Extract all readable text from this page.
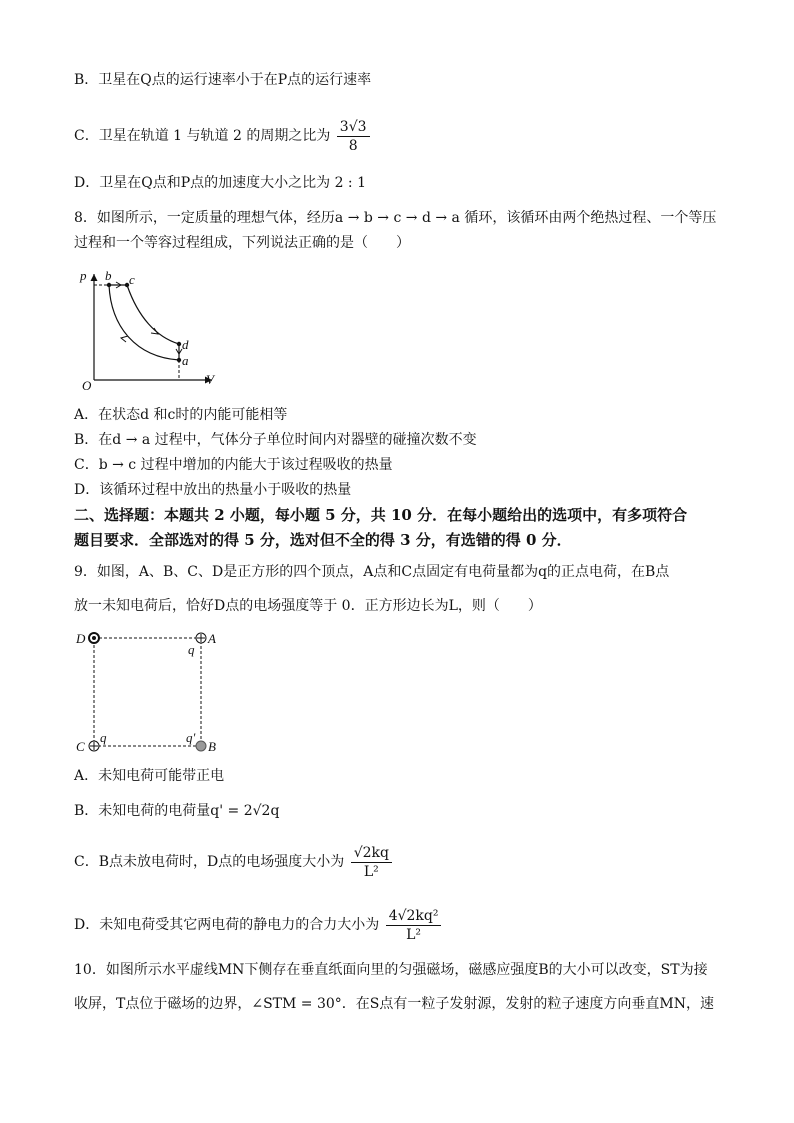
B．卫星在Q点的运行速率小于在P点的运行速率
C．卫星在轨道 1 与轨道 2 的周期之比为 $\frac{3√3}{8}$
D．卫星在Q点和P点的加速度大小之比为 2 : 1
8．如图所示，一定质量的理想气体，经历a → b → c → d → a 循环，该循环由两个绝热过程、一个等压
过程和一个等容过程组成，下列说法正确的是（　　）
p
V
O
b c
d
a
A．在状态d 和c时的内能可能相等
B．在d → a 过程中，气体分子单位时间内对器壁的碰撞次数不变
C．b → c 过程中增加的内能大于该过程吸收的热量
D．该循环过程中放出的热量小于吸收的热量
二、选择题：本题共 2 小题，每小题 5 分，共 10 分．在每小题给出的选项中，有多项符合
题目要求．全部选对的得 5 分，选对但不全的得 3 分，有选错的得 0 分．
9．如图，A、B、C、D是正方形的四个顶点，A点和C点固定有电荷量都为q的正点电荷，在B点
放一未知电荷后，恰好D点的电场强度等于 0．正方形边长为L，则（　　）
D	A
q
C
q
B
q'
A．未知电荷可能带正电
B．未知电荷的电荷量q' = 2√2q
C．B点未放电荷时，D点的电场强度大小为 $\frac{√2kq}{\text{L²}}$
D．未知电荷受其它两电荷的静电力的合力大小为 $\frac{\text{4√2kq²}}{\text{L²}}$
10．如图所示水平虚线MN下侧存在垂直纸面向里的匀强磁场，磁感应强度B的大小可以改变，ST为接
收屏，T点位于磁场的边界，∠STM = 30°．在S点有一粒子发射源，发射的粒子速度方向垂直MN，速
